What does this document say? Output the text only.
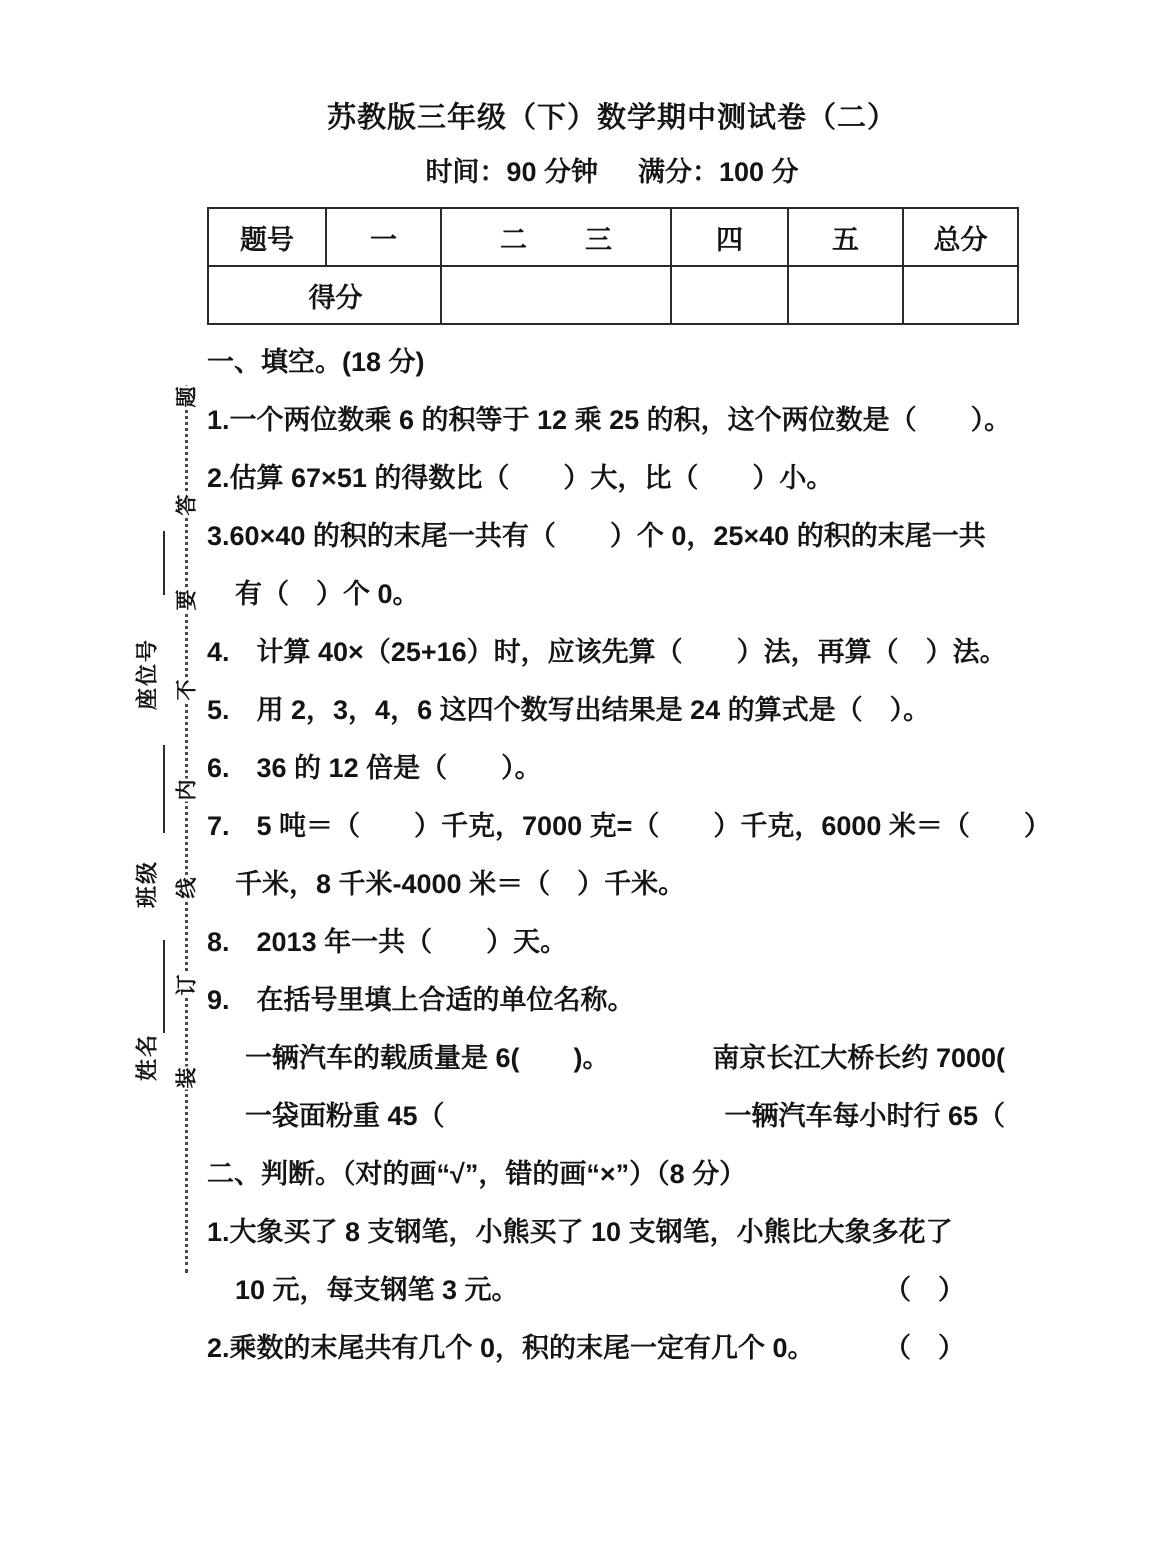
题
答
要
不
内
线
订
装
座位号
班级
姓名
苏教版三年级（下）数学期中测试卷（二）
时间：90 分钟 满分：100 分
题号	一	二 三	四	五	总分
得分					
一、填空。(18 分)
1.一个两位数乘 6 的积等于 12 乘 25 的积，这个两位数是（　　）。
2.估算 67×51 的得数比（　　）大，比（　　）小。
3.60×40 的积的末尾一共有（　　）个 0，25×40 的积的末尾一共
有（　）个 0。
4.　计算 40×（25+16）时，应该先算（　　）法，再算（　）法。
5.　用 2，3，4，6 这四个数写出结果是 24 的算式是（　）。
6.　36 的 12 倍是（　　）。
7.　5 吨＝（　　）千克，7000 克=（　　）千克，6000 米＝（　　）
千米，8 千米-4000 米＝（　）千米。
8.　2013 年一共（　　）天。
9.　在括号里填上合适的单位名称。
一辆汽车的载质量是 6(　　)。	南京长江大桥长约 7000(
一袋面粉重 45（	一辆汽车每小时行 65（
二、判断。（对的画“√”，错的画“×”）（8 分）
1.大象买了 8 支钢笔，小熊买了 10 支钢笔，小熊比大象多花了
10 元，每支钢笔 3 元。	（　）
2.乘数的末尾共有几个 0，积的末尾一定有几个 0。	（　）
